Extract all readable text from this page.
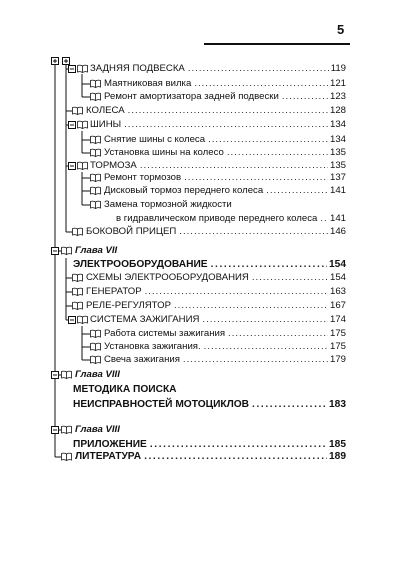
5
ЗАДНЯЯ ПОДВЕСКА .....	119
Маятниковая вилка .....	121
Ремонт амортизатора задней подвески .....	123
КОЛЕСА .....	128
ШИНЫ .....	134
Снятие шины с колеса .....	134
Установка шины на колесо .....	135
ТОРМОЗА .....	135
Ремонт тормозов .....	137
Дисковый тормоз переднего колеса .....	141
Замена тормозной жидкости
в гидравлическом приводе переднего колеса ..... 141
БОКОВОЙ ПРИЦЕП .....	146
Глава VII
ЭЛЕКТРООБОРУДОВАНИЕ .....	154
СХЕМЫ ЭЛЕКТРООБОРУДОВАНИЯ .....	154
ГЕНЕРАТОР .....	163
РЕЛЕ-РЕГУЛЯТОР .....	167
СИСТЕМА ЗАЖИГАНИЯ .....	174
Работа системы зажигания .....	175
Установка зажигания. .....	175
Свеча зажигания .....	179
Глава VIII
МЕТОДИКА ПОИСКА
НЕИСПРАВНОСТЕЙ МОТОЦИКЛОВ .....	183
Глава VIII
ПРИЛОЖЕНИЕ .....	185
ЛИТЕРАТУРА .....	189
